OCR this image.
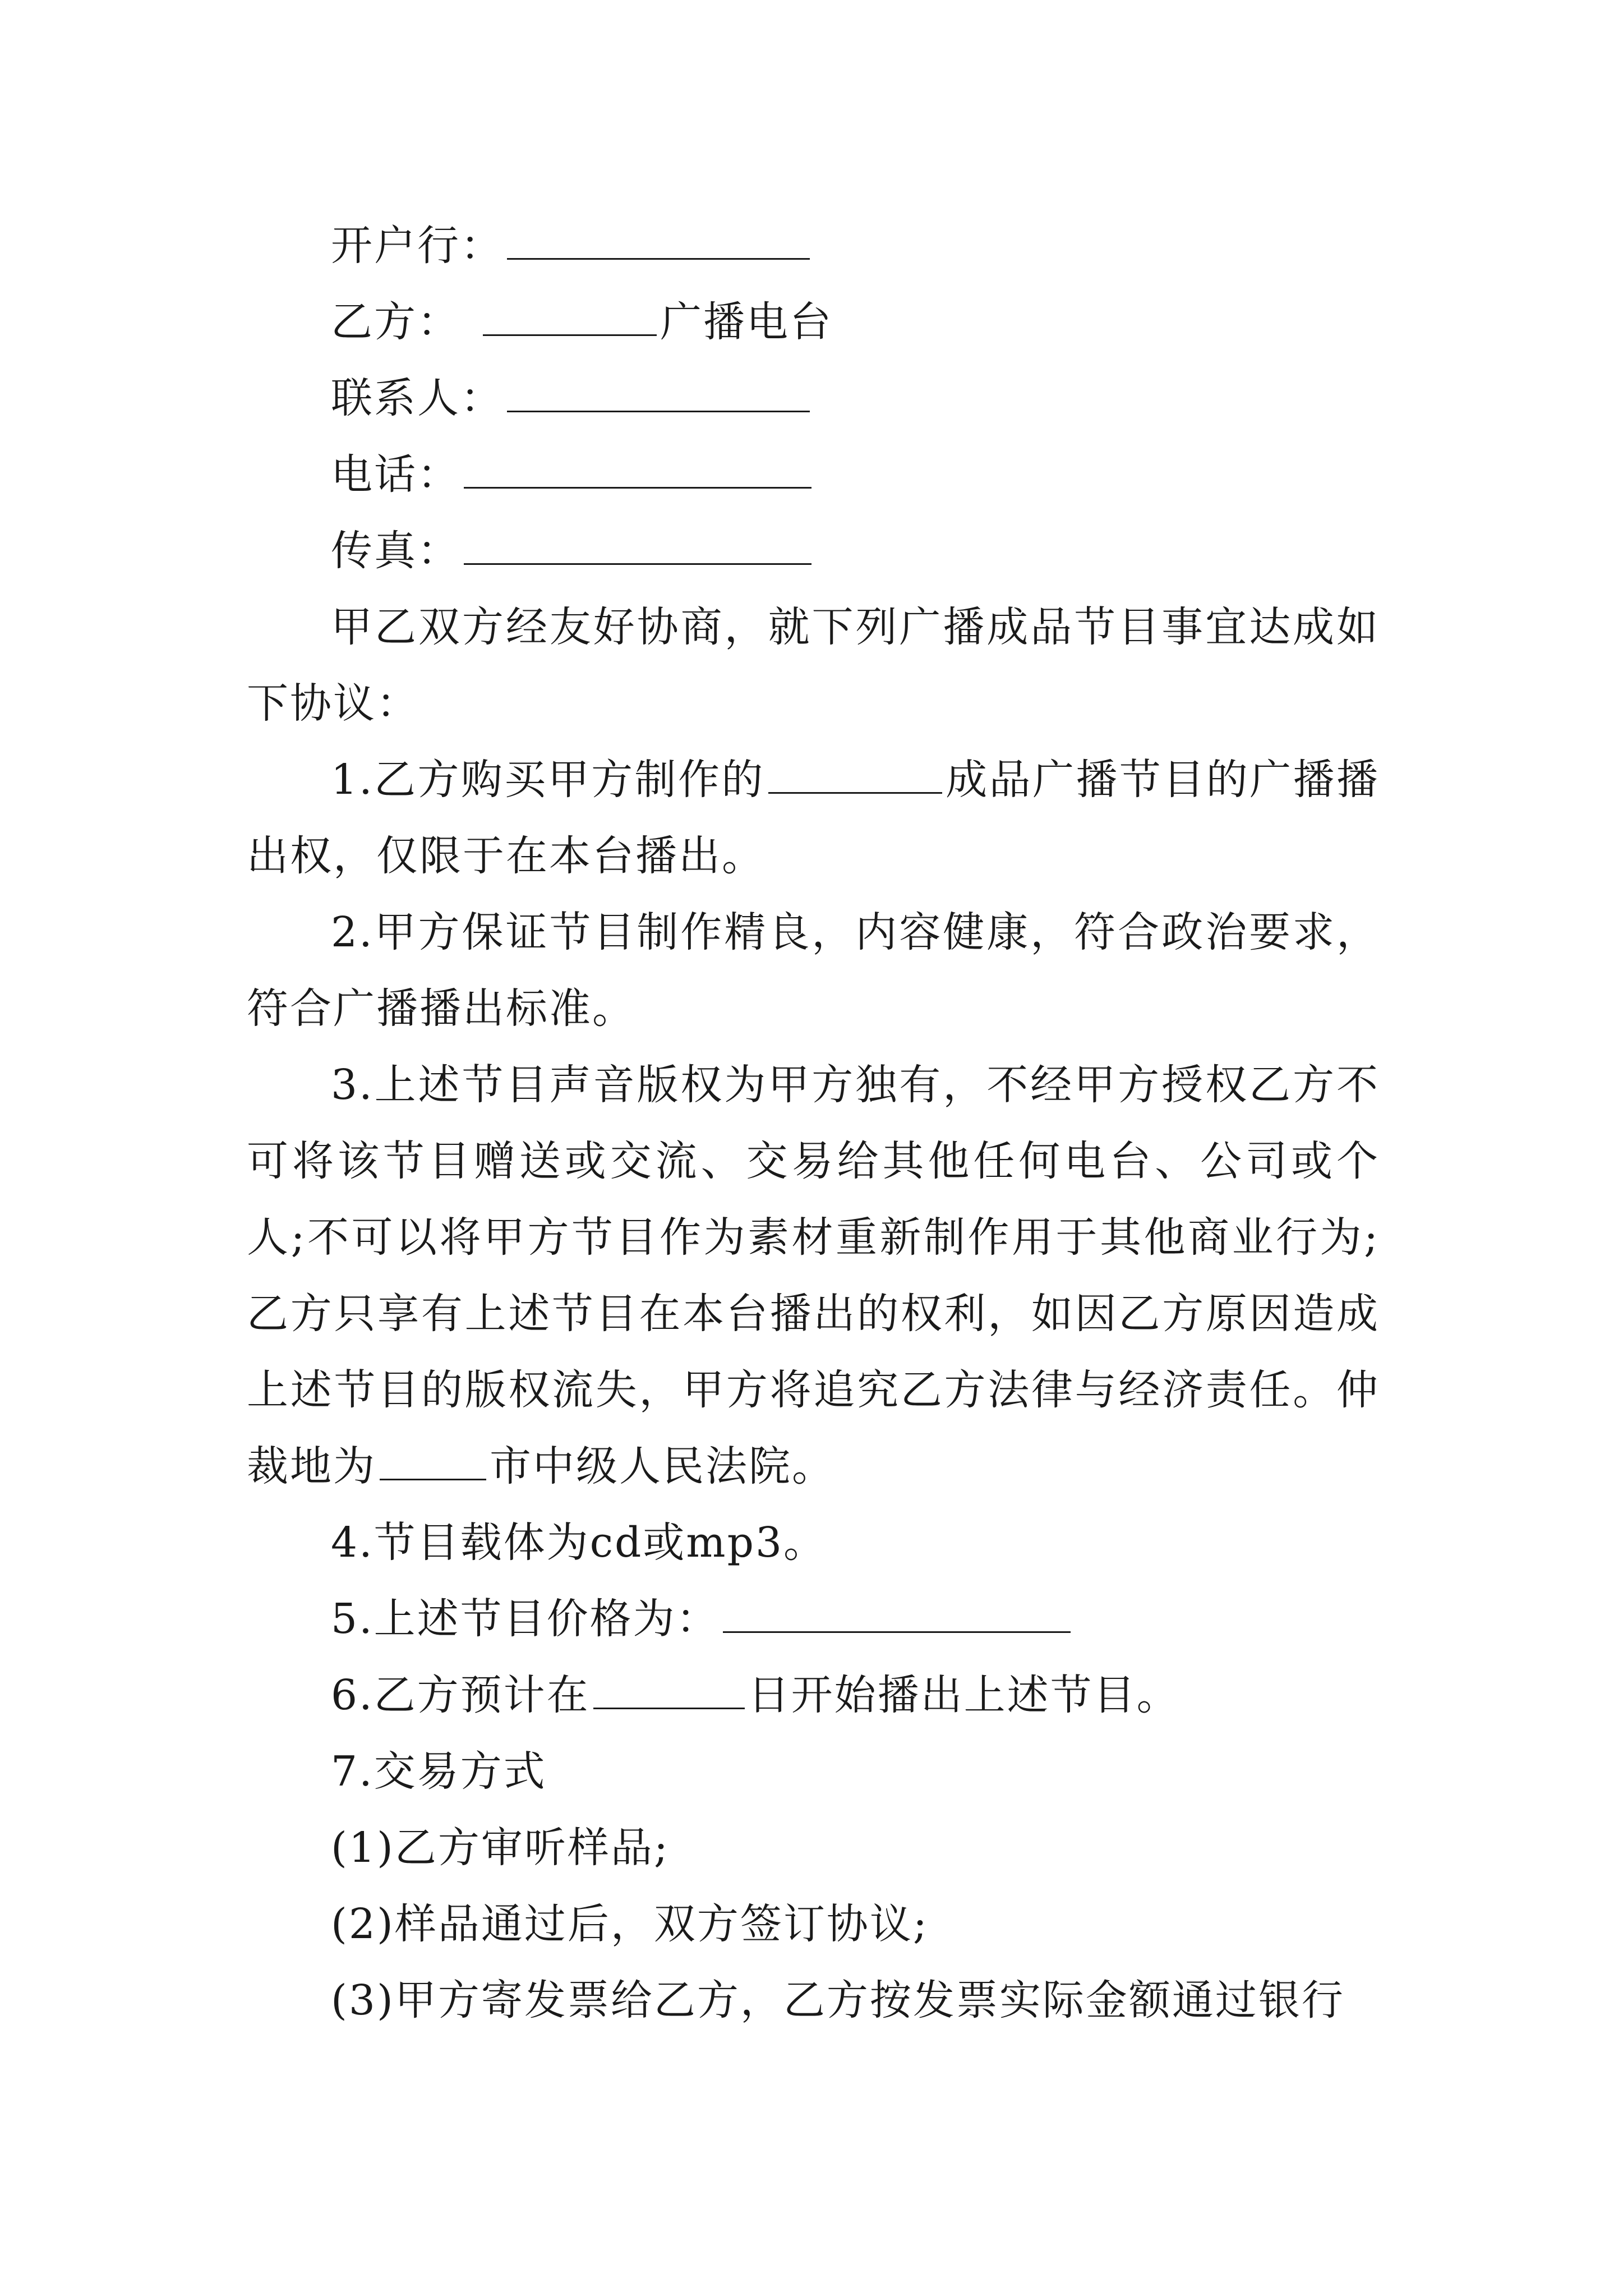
开户行：
乙方：	广播电台
联系人：
电话：
传真：
甲乙双方经友好协商，就下列广播成品节目事宜达成如下协议：
1.乙方购买甲方制作的	成品广播节目的广播播出权，仅限于在本台播出。
2.甲方保证节目制作精良，内容健康，符合政治要求，符合广播播出标准。
3.上述节目声音版权为甲方独有，不经甲方授权乙方不可将该节目赠送或交流、交易给其他任何电台、公司或个人;不可以将甲方节目作为素材重新制作用于其他商业行为;乙方只享有上述节目在本台播出的权利，如因乙方原因造成上述节目的版权流失，甲方将追究乙方法律与经济责任。仲裁地为	市中级人民法院。
4.节目载体为cd或mp3。
5.上述节目价格为：
6.乙方预计在	日开始播出上述节目。
7.交易方式
(1)乙方审听样品;
(2)样品通过后，双方签订协议;
(3)甲方寄发票给乙方，乙方按发票实际金额通过银行
